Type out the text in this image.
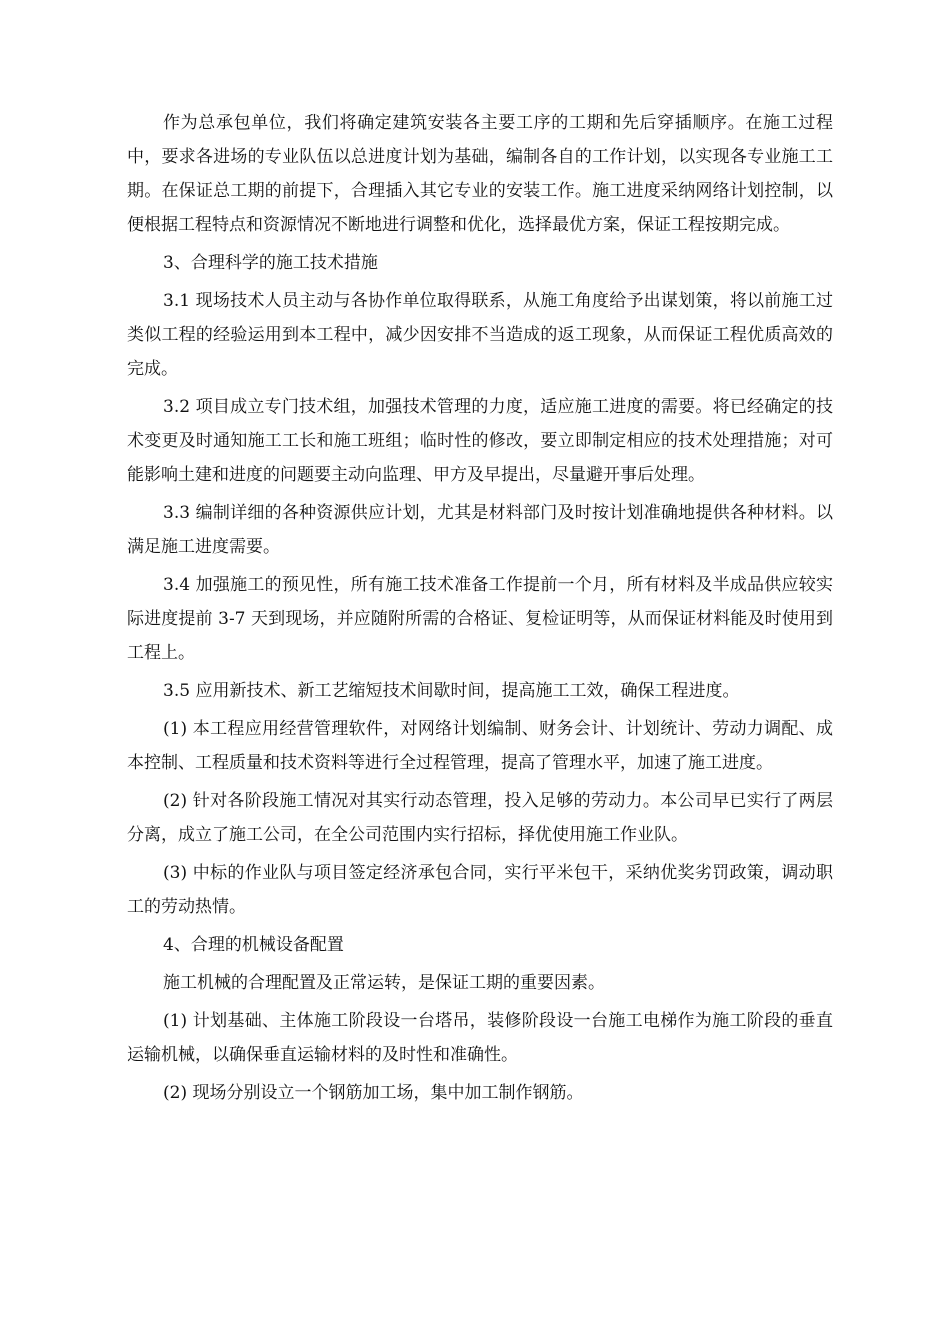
作为总承包单位，我们将确定建筑安装各主要工序的工期和先后穿插顺序。在施工过程中，要求各进场的专业队伍以总进度计划为基础，编制各自的工作计划，以实现各专业施工工期。在保证总工期的前提下，合理插入其它专业的安装工作。施工进度采纳网络计划控制，以便根据工程特点和资源情况不断地进行调整和优化，选择最优方案，保证工程按期完成。

3、合理科学的施工技术措施

3.1 现场技术人员主动与各协作单位取得联系，从施工角度给予出谋划策，将以前施工过类似工程的经验运用到本工程中，减少因安排不当造成的返工现象，从而保证工程优质高效的完成。

3.2 项目成立专门技术组，加强技术管理的力度，适应施工进度的需要。将已经确定的技术变更及时通知施工工长和施工班组；临时性的修改，要立即制定相应的技术处理措施；对可能影响土建和进度的问题要主动向监理、甲方及早提出，尽量避开事后处理。

3.3 编制详细的各种资源供应计划，尤其是材料部门及时按计划准确地提供各种材料。以满足施工进度需要。

3.4 加强施工的预见性，所有施工技术准备工作提前一个月，所有材料及半成品供应较实际进度提前 3-7 天到现场，并应随附所需的合格证、复检证明等，从而保证材料能及时使用到工程上。

3.5 应用新技术、新工艺缩短技术间歇时间，提高施工工效，确保工程进度。

(1) 本工程应用经营管理软件，对网络计划编制、财务会计、计划统计、劳动力调配、成本控制、工程质量和技术资料等进行全过程管理，提高了管理水平，加速了施工进度。

(2) 针对各阶段施工情况对其实行动态管理，投入足够的劳动力。本公司早已实行了两层分离，成立了施工公司，在全公司范围内实行招标，择优使用施工作业队。

(3) 中标的作业队与项目签定经济承包合同，实行平米包干，采纳优奖劣罚政策，调动职工的劳动热情。

4、合理的机械设备配置

施工机械的合理配置及正常运转，是保证工期的重要因素。

(1) 计划基础、主体施工阶段设一台塔吊，装修阶段设一台施工电梯作为施工阶段的垂直运输机械，以确保垂直运输材料的及时性和准确性。

(2) 现场分别设立一个钢筋加工场，集中加工制作钢筋。
